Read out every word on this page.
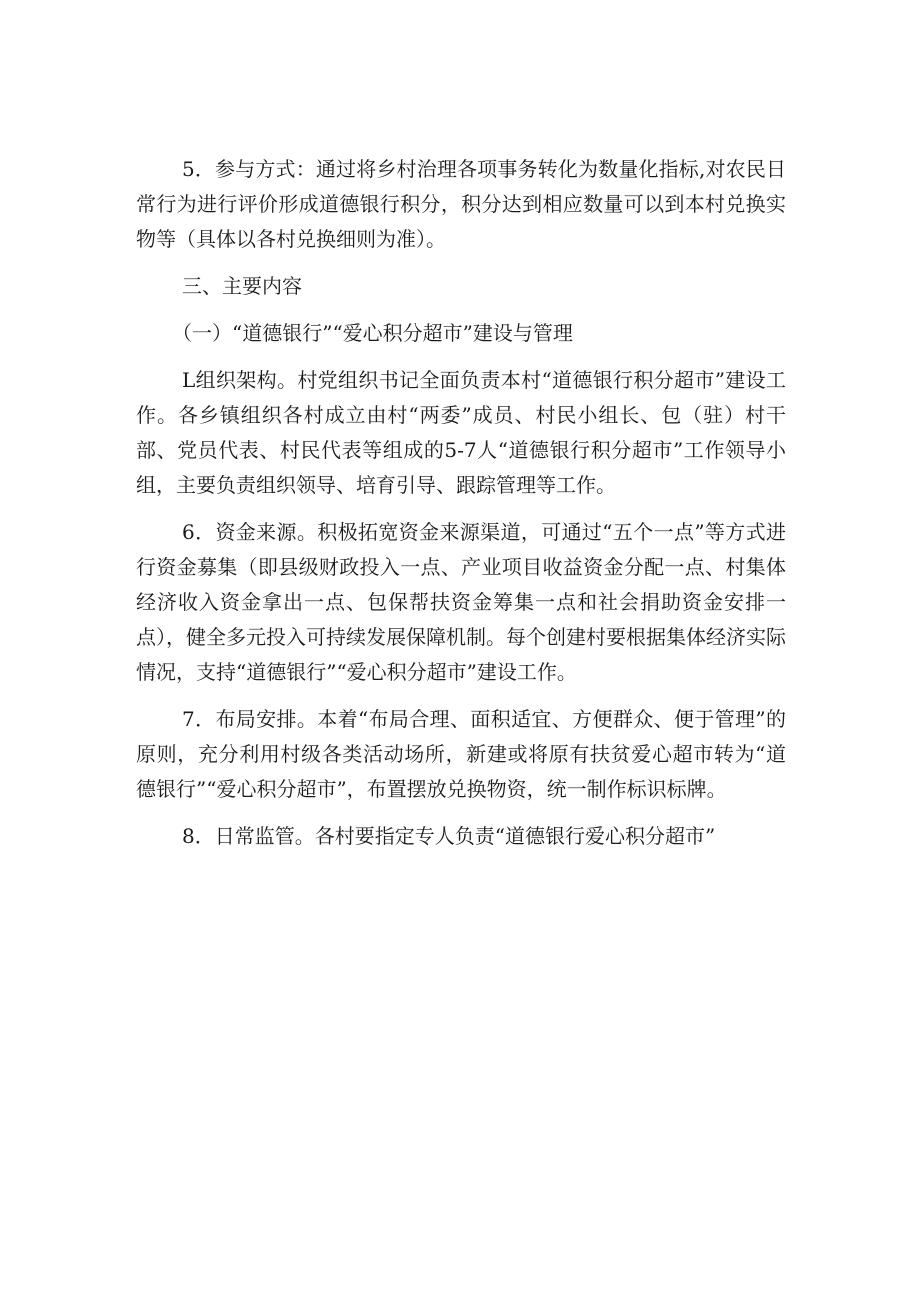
5．参与方式：通过将乡村治理各项事务转化为数量化指标,对农民日常行为进行评价形成道德银行积分，积分达到相应数量可以到本村兑换实物等（具体以各村兑换细则为准）。

三、主要内容

（一）“道德银行”“爱心积分超市”建设与管理

L组织架构。村党组织书记全面负责本村“道德银行积分超市”建设工作。各乡镇组织各村成立由村“两委”成员、村民小组长、包（驻）村干部、党员代表、村民代表等组成的5-7人“道德银行积分超市”工作领导小组，主要负责组织领导、培育引导、跟踪管理等工作。

6．资金来源。积极拓宽资金来源渠道，可通过“五个一点”等方式进行资金募集（即县级财政投入一点、产业项目收益资金分配一点、村集体经济收入资金拿出一点、包保帮扶资金筹集一点和社会捐助资金安排一点），健全多元投入可持续发展保障机制。每个创建村要根据集体经济实际情况，支持“道德银行”“爱心积分超市”建设工作。

7．布局安排。本着“布局合理、面积适宜、方便群众、便于管理”的原则，充分利用村级各类活动场所，新建或将原有扶贫爱心超市转为“道德银行”“爱心积分超市”，布置摆放兑换物资，统一制作标识标牌。

8．日常监管。各村要指定专人负责“道德银行爱心积分超市”
